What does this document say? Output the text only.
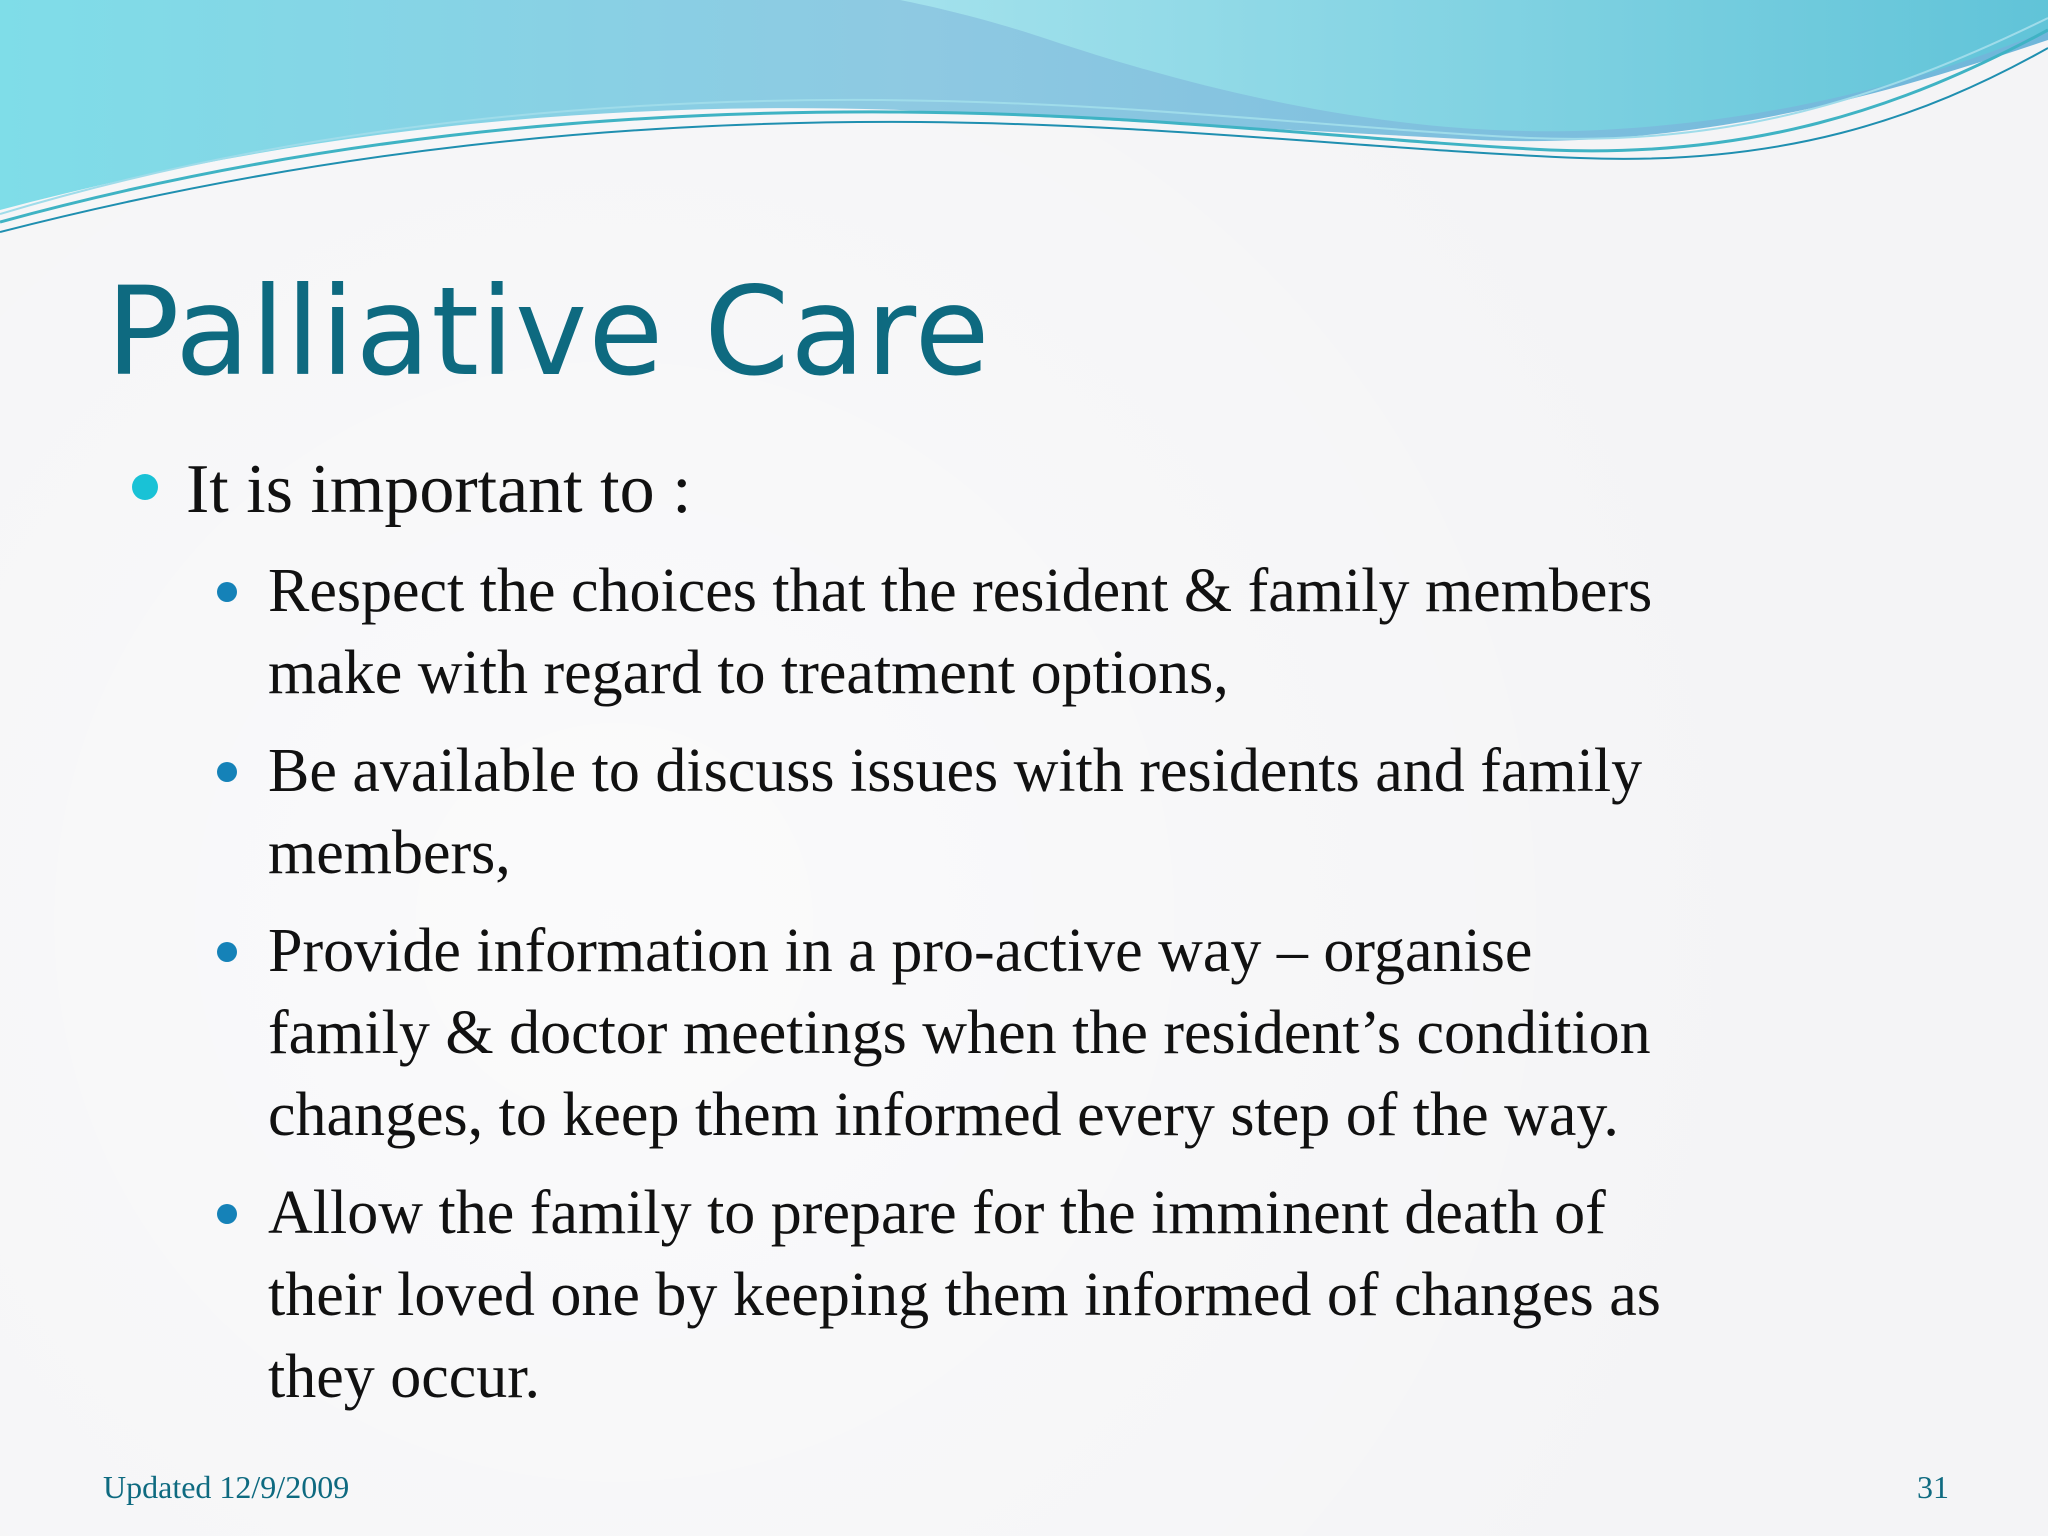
Palliative Care
It is important to :
Respect the choices that the resident & family members
make with regard to treatment options,
Be available to discuss issues with residents and family
members,
Provide information in a pro-active way – organise
family & doctor meetings when the resident’s condition
changes, to keep them informed every step of the way.
Allow the family to prepare for the imminent death of
their loved one by keeping them informed of changes as
they occur.
Updated 12/9/2009	31
